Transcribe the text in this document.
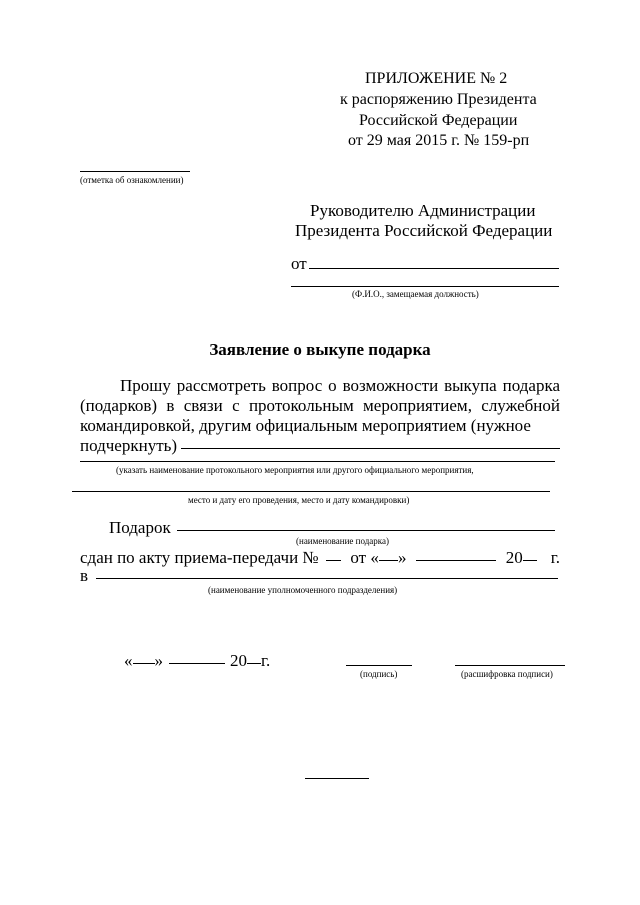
ПРИЛОЖЕНИЕ № 2
к распоряжению Президента
Российской Федерации
от 29 мая 2015 г. № 159-рп
(отметка об ознакомлении)
Руководителю Администрации
Президента Российской Федерации
от
(Ф.И.О., замещаемая должность)
Заявление о выкупе подарка
Прошу рассмотреть вопрос о возможности выкупа подарка (подарков) в связи с протокольным мероприятием, служебной командировкой, другим официальным мероприятием (нужное
подчеркнуть)
(указать наименование протокольного мероприятия или другого официального мероприятия,
место и дату его проведения, место и дату командировки)
Подарок
(наименование подарка)
сдан по акту приема-передачи № от « »	20 г.
в
(наименование уполномоченного подразделения)
« »	20 г.
(подпись)	(расшифровка подписи)
